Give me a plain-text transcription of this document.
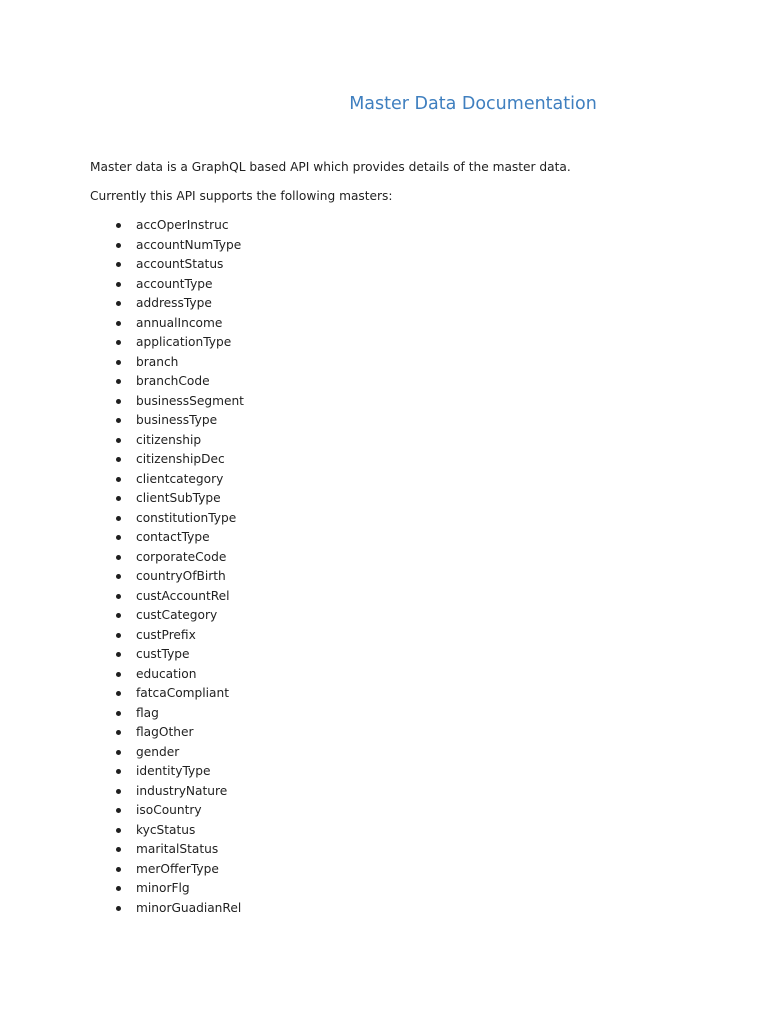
Master Data Documentation

Master data is a GraphQL based API which provides details of the master data.

Currently this API supports the following masters:

accOperInstruc
accountNumType
accountStatus
accountType
addressType
annualIncome
applicationType
branch
branchCode
businessSegment
businessType
citizenship
citizenshipDec
clientcategory
clientSubType
constitutionType
contactType
corporateCode
countryOfBirth
custAccountRel
custCategory
custPrefix
custType
education
fatcaCompliant
flag
flagOther
gender
identityType
industryNature
isoCountry
kycStatus
maritalStatus
merOfferType
minorFlg
minorGuadianRel
